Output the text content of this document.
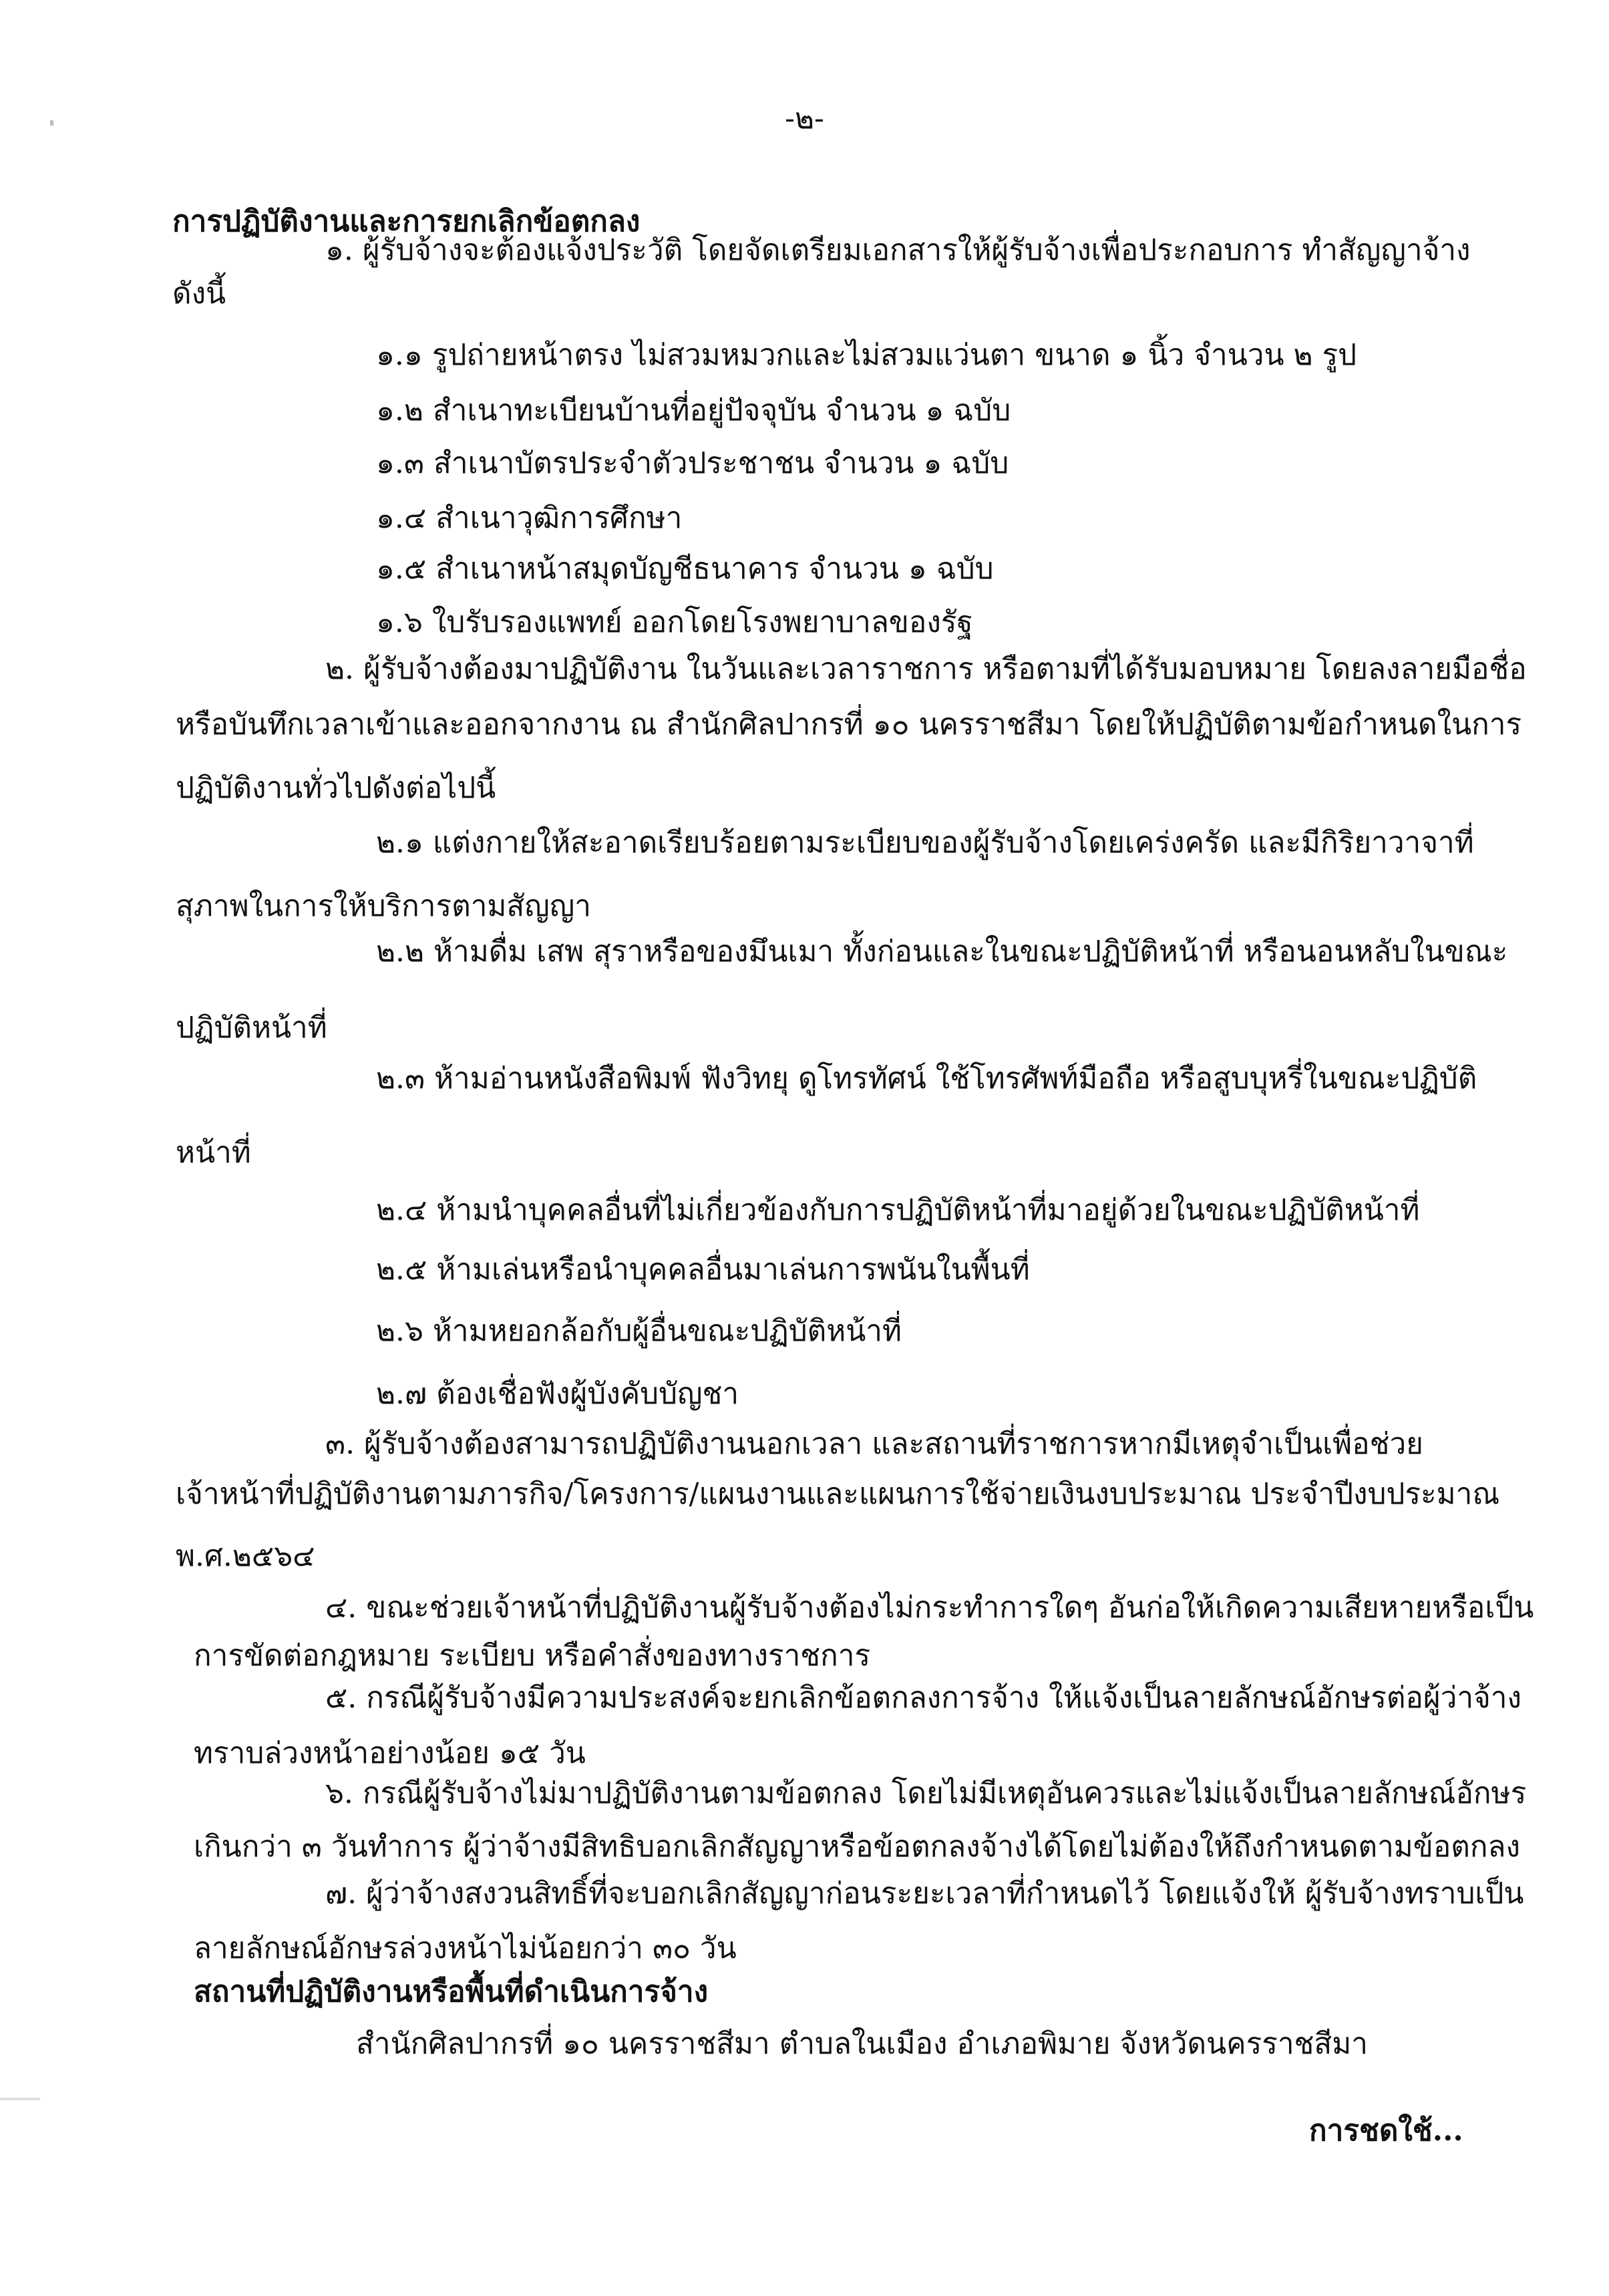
-๒-
การปฏิบัติงานและการยกเลิกข้อตกลง
๑. ผู้รับจ้างจะต้องแจ้งประวัติ โดยจัดเตรียมเอกสารให้ผู้รับจ้างเพื่อประกอบการ ทำสัญญาจ้าง
ดังนี้
๑.๑ รูปถ่ายหน้าตรง ไม่สวมหมวกและไม่สวมแว่นตา ขนาด ๑ นิ้ว จำนวน ๒ รูป
๑.๒ สำเนาทะเบียนบ้านที่อยู่ปัจจุบัน จำนวน ๑ ฉบับ
๑.๓ สำเนาบัตรประจำตัวประชาชน จำนวน ๑ ฉบับ
๑.๔ สำเนาวุฒิการศึกษา
๑.๕ สำเนาหน้าสมุดบัญชีธนาคาร จำนวน ๑ ฉบับ
๑.๖ ใบรับรองแพทย์ ออกโดยโรงพยาบาลของรัฐ
๒. ผู้รับจ้างต้องมาปฏิบัติงาน ในวันและเวลาราชการ หรือตามที่ได้รับมอบหมาย โดยลงลายมือชื่อ
หรือบันทึกเวลาเข้าและออกจากงาน ณ สำนักศิลปากรที่ ๑๐ นครราชสีมา โดยให้ปฏิบัติตามข้อกำหนดในการ
ปฏิบัติงานทั่วไปดังต่อไปนี้
๒.๑ แต่งกายให้สะอาดเรียบร้อยตามระเบียบของผู้รับจ้างโดยเคร่งครัด และมีกิริยาวาจาที่
สุภาพในการให้บริการตามสัญญา
๒.๒ ห้ามดื่ม เสพ สุราหรือของมึนเมา ทั้งก่อนและในขณะปฏิบัติหน้าที่ หรือนอนหลับในขณะ
ปฏิบัติหน้าที่
๒.๓ ห้ามอ่านหนังสือพิมพ์ ฟังวิทยุ ดูโทรทัศน์ ใช้โทรศัพท์มือถือ หรือสูบบุหรี่ในขณะปฏิบัติ
หน้าที่
๒.๔ ห้ามนำบุคคลอื่นที่ไม่เกี่ยวข้องกับการปฏิบัติหน้าที่มาอยู่ด้วยในขณะปฏิบัติหน้าที่
๒.๕ ห้ามเล่นหรือนำบุคคลอื่นมาเล่นการพนันในพื้นที่
๒.๖ ห้ามหยอกล้อกับผู้อื่นขณะปฏิบัติหน้าที่
๒.๗ ต้องเชื่อฟังผู้บังคับบัญชา
๓. ผู้รับจ้างต้องสามารถปฏิบัติงานนอกเวลา และสถานที่ราชการหากมีเหตุจำเป็นเพื่อช่วย
เจ้าหน้าที่ปฏิบัติงานตามภารกิจ/โครงการ/แผนงานและแผนการใช้จ่ายเงินงบประมาณ ประจำปีงบประมาณ
พ.ศ.๒๕๖๔
๔. ขณะช่วยเจ้าหน้าที่ปฏิบัติงานผู้รับจ้างต้องไม่กระทำการใดๆ อันก่อให้เกิดความเสียหายหรือเป็น
การขัดต่อกฎหมาย ระเบียบ หรือคำสั่งของทางราชการ
๕. กรณีผู้รับจ้างมีความประสงค์จะยกเลิกข้อตกลงการจ้าง ให้แจ้งเป็นลายลักษณ์อักษรต่อผู้ว่าจ้าง
ทราบล่วงหน้าอย่างน้อย ๑๕ วัน
๖. กรณีผู้รับจ้างไม่มาปฏิบัติงานตามข้อตกลง โดยไม่มีเหตุอันควรและไม่แจ้งเป็นลายลักษณ์อักษร
เกินกว่า ๓ วันทำการ ผู้ว่าจ้างมีสิทธิบอกเลิกสัญญาหรือข้อตกลงจ้างได้โดยไม่ต้องให้ถึงกำหนดตามข้อตกลง
๗. ผู้ว่าจ้างสงวนสิทธิ์ที่จะบอกเลิกสัญญาก่อนระยะเวลาที่กำหนดไว้ โดยแจ้งให้ ผู้รับจ้างทราบเป็น
ลายลักษณ์อักษรล่วงหน้าไม่น้อยกว่า ๓๐ วัน
สถานที่ปฏิบัติงานหรือพื้นที่ดำเนินการจ้าง
สำนักศิลปากรที่ ๑๐ นครราชสีมา ตำบลในเมือง อำเภอพิมาย จังหวัดนครราชสีมา
การชดใช้...
